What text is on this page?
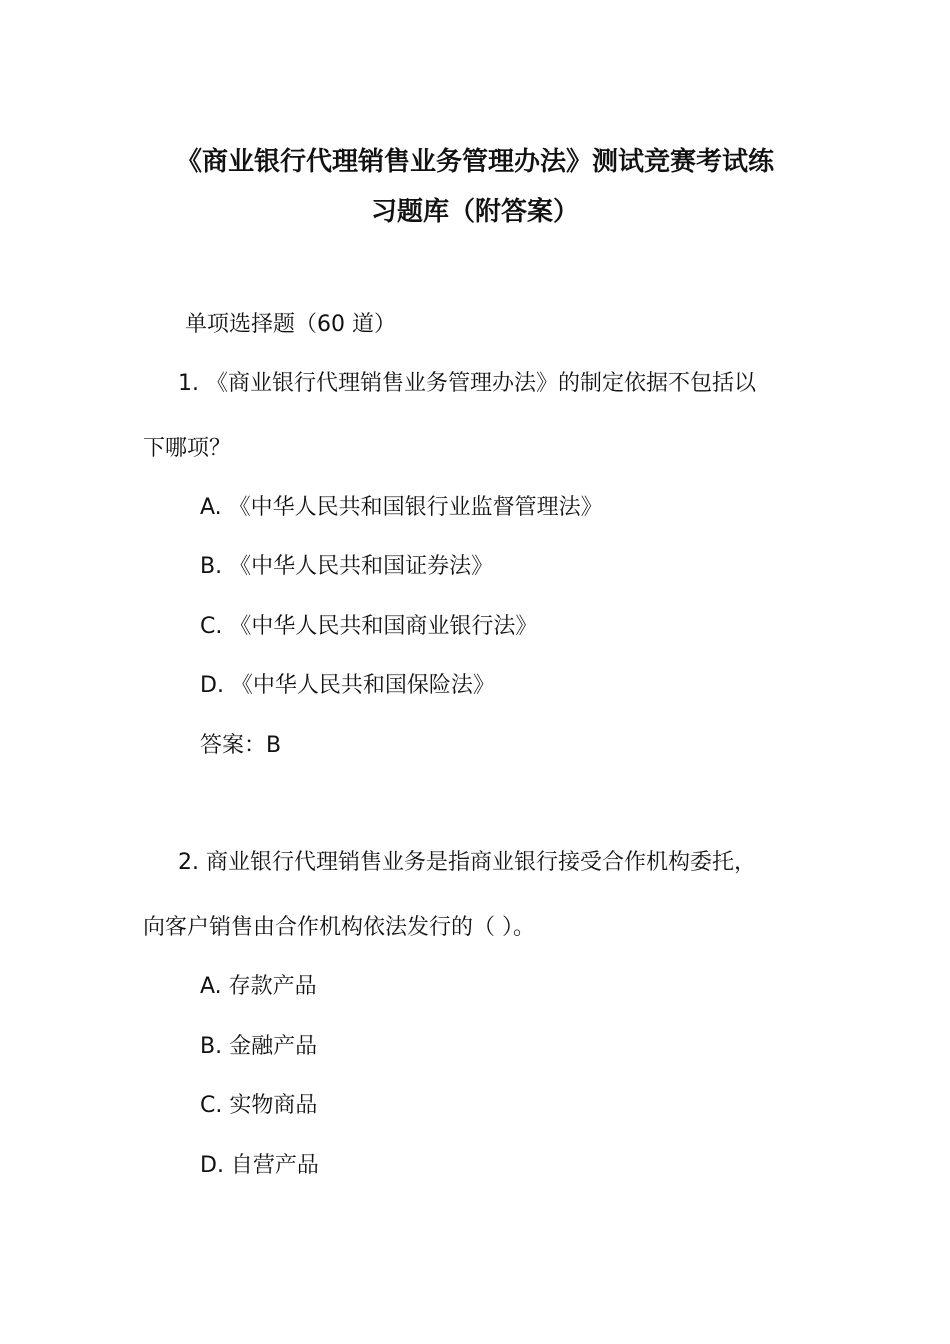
《商业银行代理销售业务管理办法》测试竞赛考试练
习题库（附答案）
单项选择题（60 道）
1. 《商业银行代理销售业务管理办法》的制定依据不包括以
下哪项？
A. 《中华人民共和国银行业监督管理法》
B. 《中华人民共和国证券法》
C. 《中华人民共和国商业银行法》
D. 《中华人民共和国保险法》
答案：B
2. 商业银行代理销售业务是指商业银行接受合作机构委托，
向客户销售由合作机构依法发行的（ ）。
A. 存款产品
B. 金融产品
C. 实物商品
D. 自营产品
